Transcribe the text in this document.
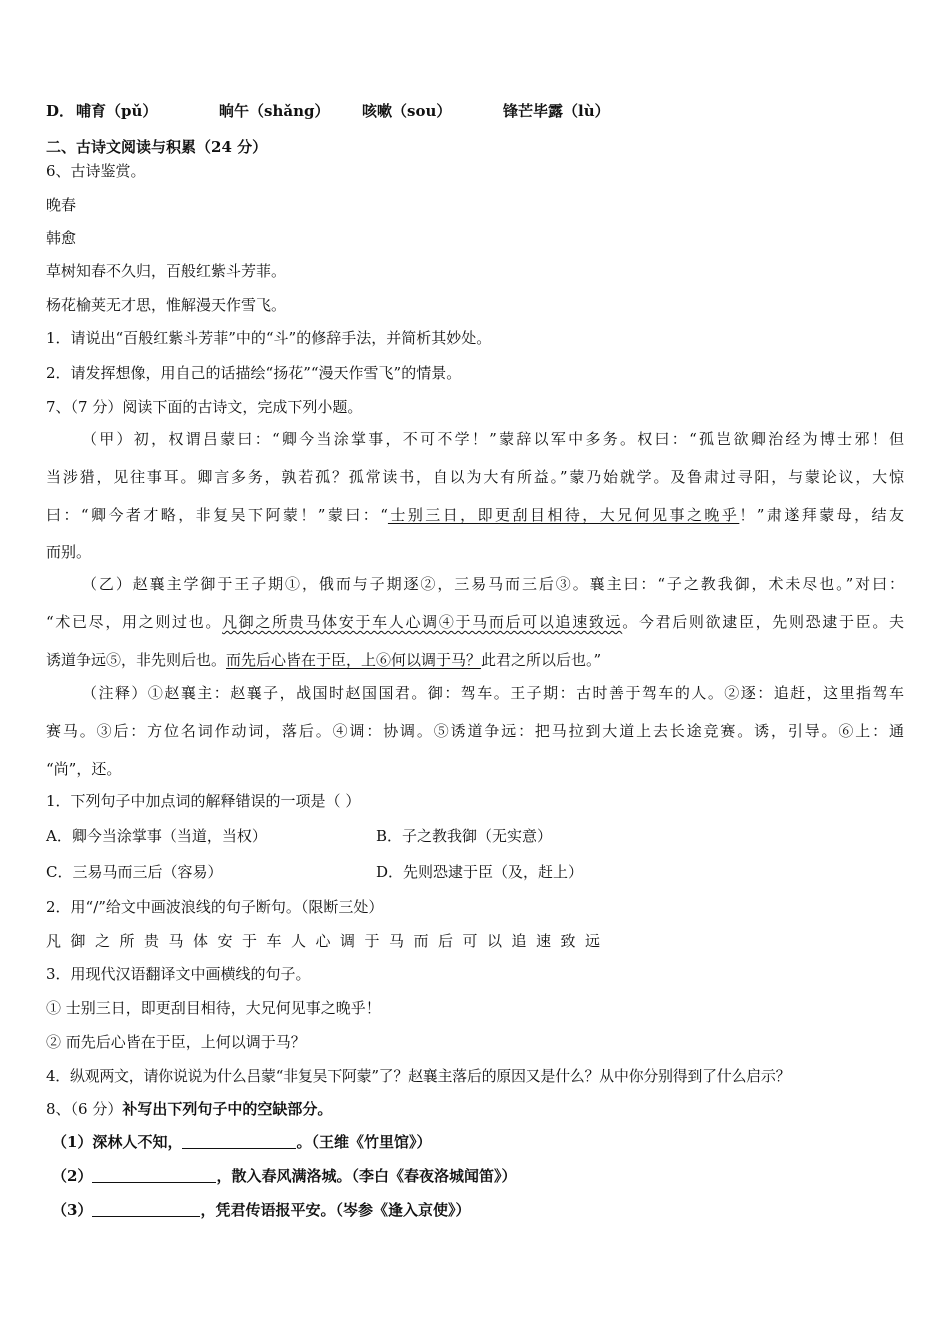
D． 哺育（pǔ）	晌午（shǎng） 咳嗽（sou）	锋芒毕露（lù）
二、古诗文阅读与积累（24 分）
6、古诗鉴赏。
晚春
韩愈
草树知春不久归，百般红紫斗芳菲。
杨花榆荚无才思，惟解漫天作雪飞。
1．请说出“百般红紫斗芳菲”中的“斗”的修辞手法，并简析其妙处。
2．请发挥想像，用自己的话描绘“扬花”“漫天作雪飞”的情景。
7、（7 分）阅读下面的古诗文，完成下列小题。
（甲）初，权谓吕蒙曰：“卿今当涂掌事，不可不学！”蒙辞以军中多务。权曰：“孤岂欲卿治经为博士邪！但
当涉猎，见往事耳。卿言多务，孰若孤？孤常读书，自以为大有所益。”蒙乃始就学。及鲁肃过寻阳，与蒙论议，大惊
曰：“卿今者才略，非复吴下阿蒙！”蒙曰：“士别三日，即更刮目相待，大兄何见事之晚乎！”肃遂拜蒙母，结友
而别。
（乙）赵襄主学御于王子期①，俄而与子期逐②，三易马而三后③。襄主曰：“子之教我御，术未尽也。”对曰：
“术已尽，用之则过也。凡御之所贵马体安于车人心调④于马而后可以追速致远。今君后则欲逮臣，先则恐逮于臣。夫
诱道争远⑤，非先则后也。而先后心皆在于臣，上⑥何以调于马？此君之所以后也。”
（注释）①赵襄主：赵襄子，战国时赵国国君。御：驾车。王子期：古时善于驾车的人。②逐：追赶，这里指驾车
赛马。③后：方位名词作动词，落后。④调：协调。⑤诱道争远：把马拉到大道上去长途竞赛。诱，引导。⑥上：通
“尚”，还。
1．下列句子中加点词的解释错误的一项是（ ）
A．卿今当涂掌事（当道，当权）	B．子之教我御（无实意）
C．三易马而三后（容易）	D．先则恐逮于臣（及，赶上）
2．用“/”给文中画波浪线的句子断句。（限断三处）
凡御之所贵马体安于车人心调于马而后可以追速致远
3．用现代汉语翻译文中画横线的句子。
① 士别三日，即更刮目相待，大兄何见事之晚乎！
② 而先后心皆在于臣，上何以调于马？
4．纵观两文，请你说说为什么吕蒙“非复吴下阿蒙”了？赵襄主落后的原因又是什么？从中你分别得到了什么启示？
8、（6 分）补写出下列句子中的空缺部分。
（1）深林人不知，	。（王维《竹里馆》）
（2）	，散入春风满洛城。（李白《春夜洛城闻笛》）
（3）	，凭君传语报平安。（岑参《逢入京使》）
